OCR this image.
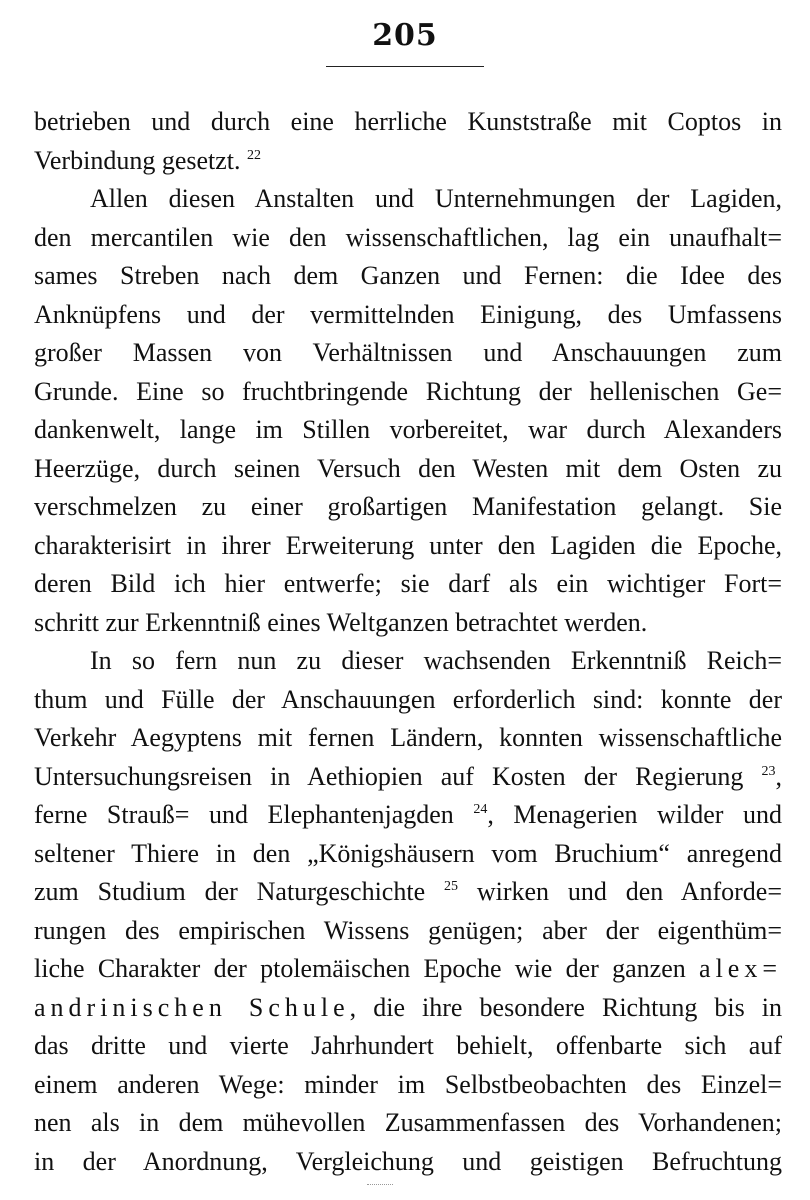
205
betrieben und durch eine herrliche Kunststraße mit Coptos in
Verbindung gesetzt. $^{22}$
Allen diesen Anstalten und Unternehmungen der Lagiden,
den mercantilen wie den wissenschaftlichen, lag ein unaufhalt=
sames Streben nach dem Ganzen und Fernen: die Idee des
Anknüpfens und der vermittelnden Einigung, des Umfassens
großer Massen von Verhältnissen und Anschauungen zum
Grunde. Eine so fruchtbringende Richtung der hellenischen Ge=
dankenwelt, lange im Stillen vorbereitet, war durch Alexanders
Heerzüge, durch seinen Versuch den Westen mit dem Osten zu
verschmelzen zu einer großartigen Manifestation gelangt. Sie
charakterisirt in ihrer Erweiterung unter den Lagiden die Epoche,
deren Bild ich hier entwerfe; sie darf als ein wichtiger Fort=
schritt zur Erkenntniß eines Weltganzen betrachtet werden.
In so fern nun zu dieser wachsenden Erkenntniß Reich=
thum und Fülle der Anschauungen erforderlich sind: konnte der
Verkehr Aegyptens mit fernen Ländern, konnten wissenschaftliche
Untersuchungsreisen in Aethiopien auf Kosten der Regierung $^{23}$,
ferne Strauß= und Elephantenjagden $^{24}$, Menagerien wilder und
seltener Thiere in den „Königshäusern vom Bruchium“ anregend
zum Studium der Naturgeschichte $^{25}$ wirken und den Anforde=
rungen des empirischen Wissens genügen; aber der eigenthüm=
liche Charakter der ptolemäischen Epoche wie der ganzen alex=
andrinischen Schule, die ihre besondere Richtung bis in
das dritte und vierte Jahrhundert behielt, offenbarte sich auf
einem anderen Wege: minder im Selbstbeobachten des Einzel=
nen als in dem mühevollen Zusammenfassen des Vorhandenen;
in der Anordnung, Vergleichung und geistigen Befruchtung
